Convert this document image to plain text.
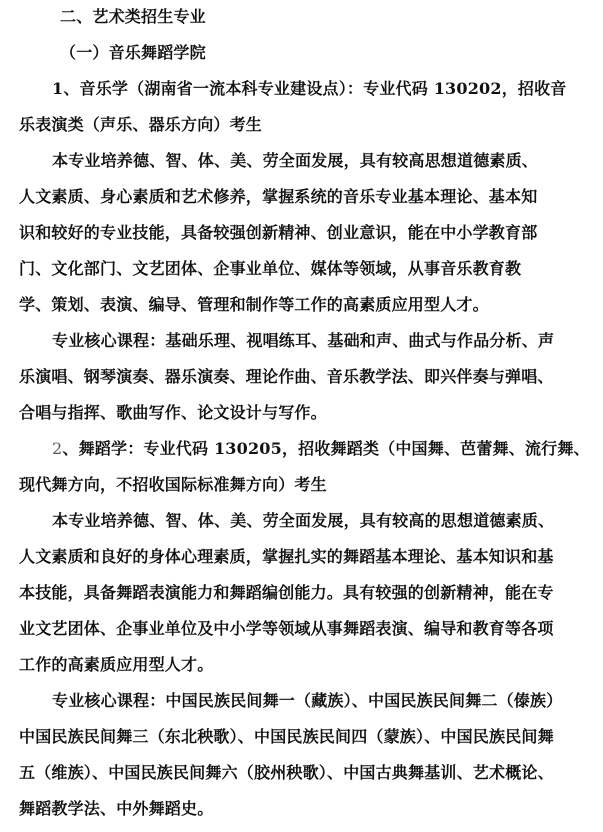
二、艺术类招生专业
（一）音乐舞蹈学院
1、音乐学（湖南省一流本科专业建设点）：专业代码 130202，招收音
乐表演类（声乐、器乐方向）考生
本专业培养德、智、体、美、劳全面发展，具有较高思想道德素质、
人文素质、身心素质和艺术修养，掌握系统的音乐专业基本理论、基本知
识和较好的专业技能，具备较强创新精神、创业意识，能在中小学教育部
门、文化部门、文艺团体、企事业单位、媒体等领域，从事音乐教育教
学、策划、表演、编导、管理和制作等工作的高素质应用型人才。
专业核心课程：基础乐理、视唱练耳、基础和声、曲式与作品分析、声
乐演唱、钢琴演奏、器乐演奏、理论作曲、音乐教学法、即兴伴奏与弹唱、
合唱与指挥、歌曲写作、论文设计与写作。
2、舞蹈学：专业代码 130205，招收舞蹈类（中国舞、芭蕾舞、流行舞、
现代舞方向，不招收国际标准舞方向）考生
本专业培养德、智、体、美、劳全面发展，具有较高的思想道德素质、
人文素质和良好的身体心理素质，掌握扎实的舞蹈基本理论、基本知识和基
本技能，具备舞蹈表演能力和舞蹈编创能力。具有较强的创新精神，能在专
业文艺团体、企事业单位及中小学等领域从事舞蹈表演、编导和教育等各项
工作的高素质应用型人才。
专业核心课程：中国民族民间舞一（藏族）、中国民族民间舞二（傣族）
中国民族民间舞三（东北秧歌）、中国民族民间四（蒙族）、中国民族民间舞
五（维族）、中国民族民间舞六（胶州秧歌）、中国古典舞基训、艺术概论、
舞蹈教学法、中外舞蹈史。
